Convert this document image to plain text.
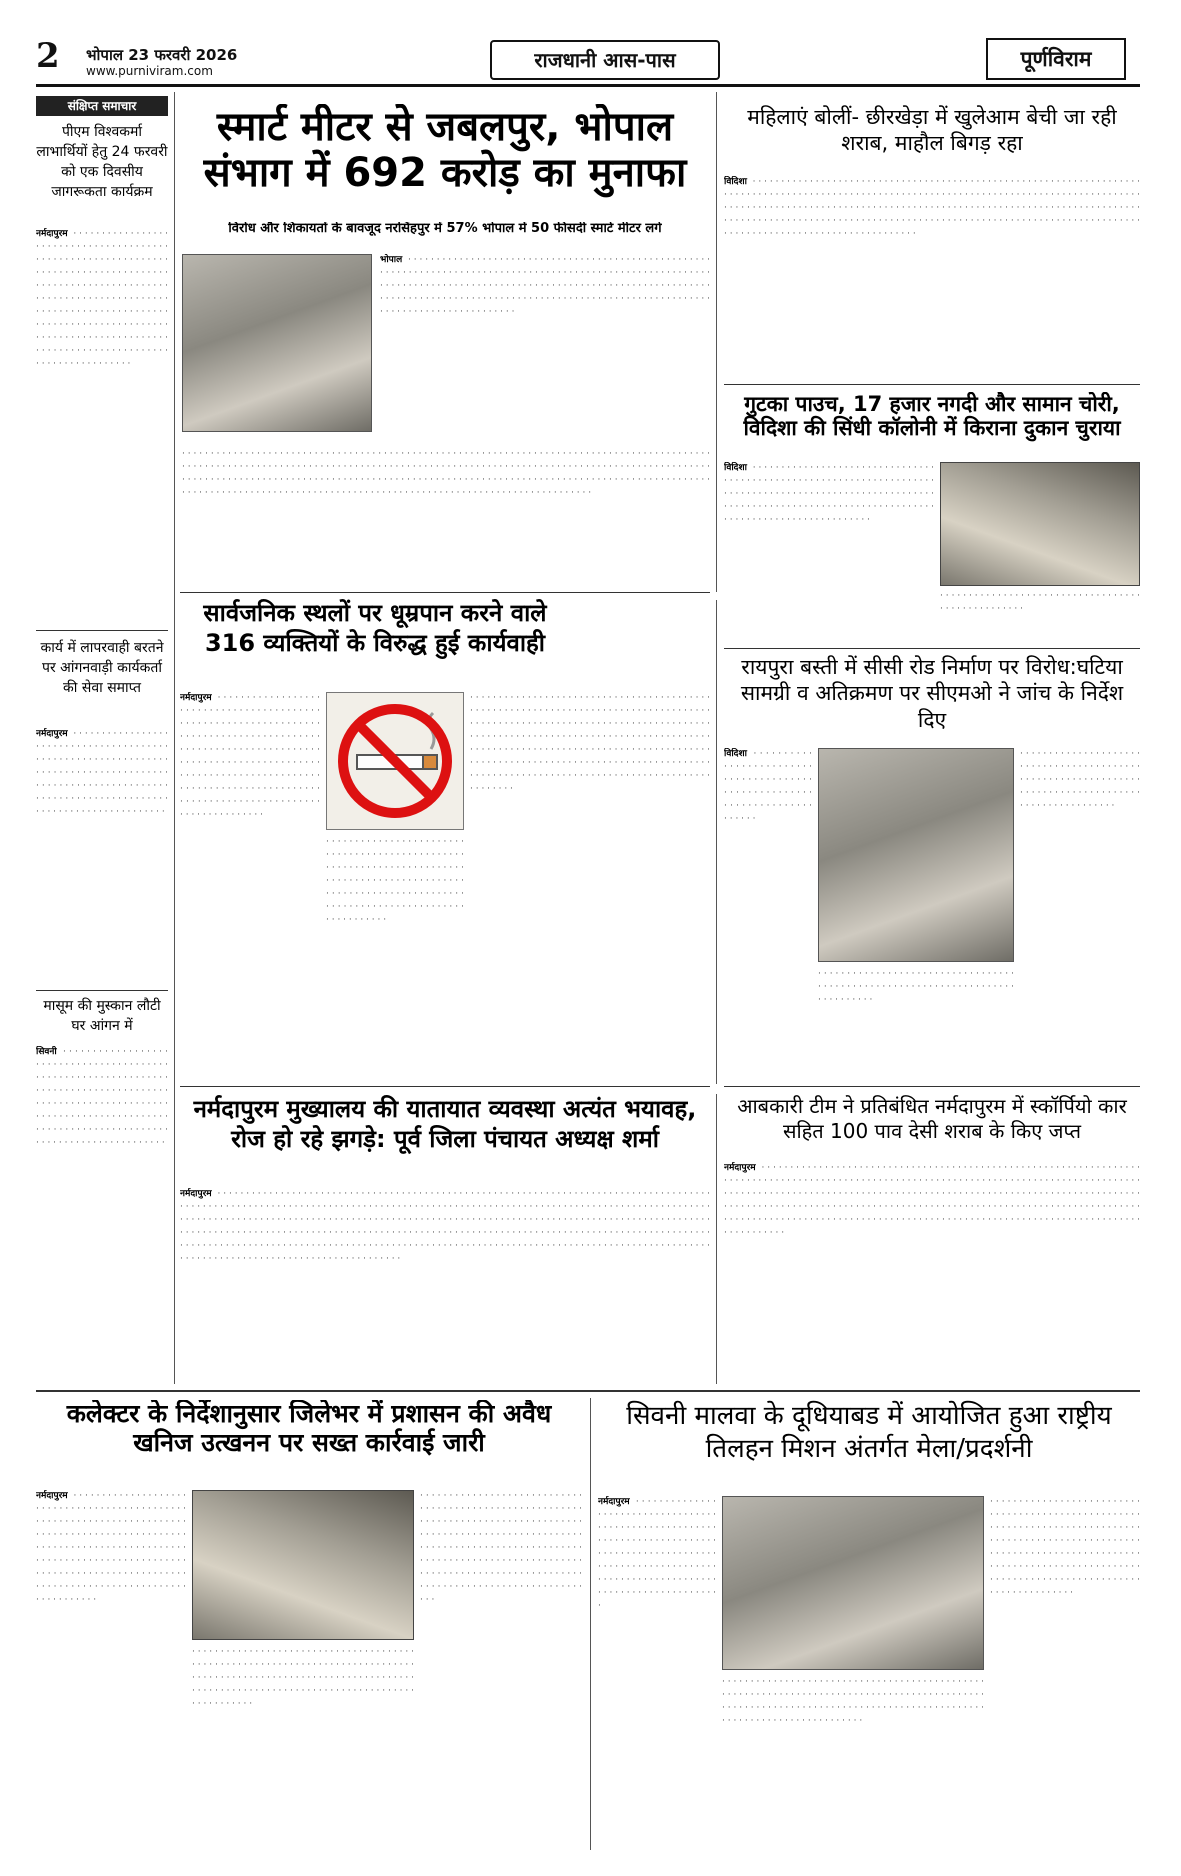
2	भोपाल 23 फरवरी 2026
www.purniviram.com	राजधानी आस-पास	पूर्णविराम
संक्षिप्त समाचार
पीएम विश्वकर्मा लाभार्थियों हेतु 24 फरवरी को एक दिवसीय जागरूकता कार्यक्रम
नर्मदापुरम  · · · · · · · · · · · · · · · · · · · · · · · · · · · · · · · · · · · · · · · · · · · · · · · · · · · · · · · · · · · · · · · · · · · · · · · · · · · · · · · · · · · · · · · · · · · · · · · · · · · · · · · · · · · · · · · · · · · · · · · · · · · · · · · · · · · · · · · · · · · · · · · · · · · · · · · · · · · · · · · · · · · · · · · · · · · · · · · · · · · · · · · · · · · · · · · · · · · · · · · · · · · · · · · · · · · · · · · · · · · · · · · · · · · · · · · · · · · · · · · · ·
कार्य में लापरवाही बरतने पर आंगनवाड़ी कार्यकर्ता की सेवा समाप्त
नर्मदापुरम  · · · · · · · · · · · · · · · · · · · · · · · · · · · · · · · · · · · · · · · · · · · · · · · · · · · · · · · · · · · · · · · · · · · · · · · · · · · · · · · · · · · · · · · · · · · · · · · · · · · · · · · · · · · · · · · · · · · · · · · · · · · · · · · · · · · · · · · · · · · · · · · · · · · · · · · · · · ·
मासूम की मुस्कान लौटी घर आंगन में
सिवनी  · · · · · · · · · · · · · · · · · · · · · · · · · · · · · · · · · · · · · · · · · · · · · · · · · · · · · · · · · · · · · · · · · · · · · · · · · · · · · · · · · · · · · · · · · · · · · · · · · · · · · · · · · · · · · · · · · · · · · · · · · · · · · · · · · · · · · · · · · · · · · · · · · · · · · · · · · · · · · · · · · · · · · · · · · · · · · · · · · · ·
स्मार्ट मीटर से जबलपुर, भोपाल संभाग में 692 करोड़ का मुनाफा
विरोध और शिकायतों के बावजूद नरसिंहपुर में 57% भोपाल में 50 फीसदी स्मार्ट मीटर लगे
भोपाल  · · · · · · · · · · · · · · · · · · · · · · · · · · · · · · · · · · · · · · · · · · · · · · · · · · · · · · · · · · · · · · · · · · · · · · · · · · · · · · · · · · · · · · · · · · · · · · · · · · · · · · · · · · · · · · · · · · · · · · · · · · · · · · · · · · · · · · · · · · · · · · · · · · · · · · · · · · · · · · · · · · · · · · · · · · · · · · · · · · · · · · · · · · · · · · · · · · · · · · · · · · · · · · · · · · · · · · · · · · · · · · · · · · · · · · · · · · · · · · · · · · · · · · · · · · ·
· · · · · · · · · · · · · · · · · · · · · · · · · · · · · · · · · · · · · · · · · · · · · · · · · · · · · · · · · · · · · · · · · · · · · · · · · · · · · · · · · · · · · · · · · · · · · · · · · · · · · · · · · · · · · · · · · · · · · · · · · · · · · · · · · · · · · · · · · · · · · · · · · · · · · · · · · · · · · · · · · · · · · · · · · · · · · · · · · · · · · · · · · · · · · · · · · · · · · · · · · · · · · · · · · · · · · · · · · · · · · · · · · · · · · · · · · · · · · · · · · · · · · · · · · · · · · · · · · · · · · · · · · · · · · · · · · · · · · · · · · · · · · · · · · · · · · · · · · · · · · · · · · · · · · · · · · · · · · · · · · · · · · · · · · · · · · · · · · · · · · · · · · · · ·
महिलाएं बोलीं- छीरखेड़ा में खुलेआम बेची जा रही शराब, माहौल बिगड़ रहा
विदिशा  · · · · · · · · · · · · · · · · · · · · · · · · · · · · · · · · · · · · · · · · · · · · · · · · · · · · · · · · · · · · · · · · · · · · · · · · · · · · · · · · · · · · · · · · · · · · · · · · · · · · · · · · · · · · · · · · · · · · · · · · · · · · · · · · · · · · · · · · · · · · · · · · · · · · · · · · · · · · · · · · · · · · · · · · · · · · · · · · · · · · · · · · · · · · · · · · · · · · · · · · · · · · · · · · · · · · · · · · · · · · · · · · · · · · · · · · · · · · · · · · · · · · · · · · · · · · · · · · · · · · · · · · · · · · · · · · · · · · · · · · · · · · · · · · · · · · · · · · · · · · · · · · · · · · · · · · · · · · · · · · ·
गुटका पाउच, 17 हजार नगदी और सामान चोरी, विदिशा की सिंधी कॉलोनी में किराना दुकान चुराया
विदिशा  · · · · · · · · · · · · · · · · · · · · · · · · · · · · · · · · · · · · · · · · · · · · · · · · · · · · · · · · · · · · · · · · · · · · · · · · · · · · · · · · · · · · · · · · · · · · · · · · · · · · · · · · · · · · · · · · · · · · · · · · · · · · · · · · · · · · · · · · · · · · · · · · · · · · · · · · · · · · · · · · · · · · · · · · ·
· · · · · · · · · · · · · · · · · · · · · · · · · · · · · · · · · · · · · · · · · · · · · · · · · ·
सार्वजनिक स्थलों पर धूम्रपान करने वाले 316 व्यक्तियों के विरुद्ध हुई कार्यवाही
नर्मदापुरम  · · · · · · · · · · · · · · · · · · · · · · · · · · · · · · · · · · · · · · · · · · · · · · · · · · · · · · · · · · · · · · · · · · · · · · · · · · · · · · · · · · · · · · · · · · · · · · · · · · · · · · · · · · · · · · · · · · · · · · · · · · · · · · · · · · · · · · · · · · · · · · · · · · · · · · · · · · · · · · · · · · · · · · · · · · · · · · · · · · · · · · · · · · · · · · · · · · · · · · · · · · · · · · · · · · · · · · · · · · · · · · · · ·
· · · · · · · · · · · · · · · · · · · · · · · · · · · · · · · · · · · · · · · · · · · · · · · · · · · · · · · · · · · · · · · · · · · · · · · · · · · · · · · · · · · · · · · · · · · · · · · · · · · · · · · · · · · · · · · · · · · · · · · · · · · · · · · · · · · · · · · · · · · · · · · · · · · · · · · · · · ·
· · · · · · · · · · · · · · · · · · · · · · · · · · · · · · · · · · · · · · · · · · · · · · · · · · · · · · · · · · · · · · · · · · · · · · · · · · · · · · · · · · · · · · · · · · · · · · · · · · · · · · · · · · · · · · · · · · · · · · · · · · · · · · · · · · · · · · · · · · · · · · · · · · · · · · · · · · · · · · · · · · · · · · · · · · · · · · · · · · · · · · · · · · · · · · · · · · · · · · · · · · · · · · · · · · · · · · · · · · · · · · · · · · · · · · · · · · · · · · · · · · · · · · · · · · · · · · · · · · · · · · · · · · · · · · · · · · · · · · · · · · · · · · · · · · · · · · · · · · · · · ·
रायपुरा बस्ती में सीसी रोड निर्माण पर विरोध:घटिया सामग्री व अतिक्रमण पर सीएमओ ने जांच के निर्देश दिए
विदिशा  · · · · · · · · · · · · · · · · · · · · · · · · · · · · · · · · · · · · · · · · · · · · · · · · · · · · · · · · · · · · · · · · · · · · · · · · · · · ·
· · · · · · · · · · · · · · · · · · · · · · · · · · · · · · · · · · · · · · · · · · · · · · · · · · · · · · · · · · · · · · · · · · · · · · · · · · · · · ·
· · · · · · · · · · · · · · · · · · · · · · · · · · · · · · · · · · · · · · · · · · · · · · · · · · · · · · · · · · · · · · · · · · · · · · · · · · · · · · · · · · · · · · · · · · · · · · · · · · · · ·
नर्मदापुरम मुख्यालय की यातायात व्यवस्था अत्यंत भयावह, रोज हो रहे झगड़े: पूर्व जिला पंचायत अध्यक्ष शर्मा
नर्मदापुरम  · · · · · · · · · · · · · · · · · · · · · · · · · · · · · · · · · · · · · · · · · · · · · · · · · · · · · · · · · · · · · · · · · · · · · · · · · · · · · · · · · · · · · · · · · · · · · · · · · · · · · · · · · · · · · · · · · · · · · · · · · · · · · · · · · · · · · · · · · · · · · · · · · · · · · · · · · · · · · · · · · · · · · · · · · · · · · · · · · · · · · · · · · · · · · · · · · · · · · · · · · · · · · · · · · · · · · · · · · · · · · · · · · · · · · · · · · · · · · · · · · · · · · · · · · · · · · · · · · · · · · · · · · · · · · · · · · · · · · · · · · · · · · · · · · · · · · · · · · · · · · · · · · · · · · · · · · · · · · · · · · · · · · · · · · · · · · · · · · · · · · · · · · · · · · · · · · · · · · · · · · · · · · · · · · · · · · · · · · · · · · · · · · · · · · · · · · · · · · · · · · · · · · · · · · · · · · · · · · · · · · · · · · · · · · · · · · · · · · · · · · · · · · · · · · · · · · · · · · · · · · · · · · · · · · · · · · · · · · · · · · · · · · · · · · · · · · · · · ·
आबकारी टीम ने प्रतिबंधित नर्मदापुरम में स्कॉर्पियो कार सहित 100 पाव देसी शराब के किए जप्त
नर्मदापुरम  · · · · · · · · · · · · · · · · · · · · · · · · · · · · · · · · · · · · · · · · · · · · · · · · · · · · · · · · · · · · · · · · · · · · · · · · · · · · · · · · · · · · · · · · · · · · · · · · · · · · · · · · · · · · · · · · · · · · · · · · · · · · · · · · · · · · · · · · · · · · · · · · · · · · · · · · · · · · · · · · · · · · · · · · · · · · · · · · · · · · · · · · · · · · · · · · · · · · · · · · · · · · · · · · · · · · · · · · · · · · · · · · · · · · · · · · · · · · · · · · · · · · · · · · · · · · · · · · · · · · · · · · · · · · · · · · · · · · · · · · · · · · · · · · · · · · · · · · · · · · · · · · · · · · · · · · · · · · · · · · · · · · · · · · · · · · · · · · · · · · · · · · · · · · · · · · · · · · · · · · · · · · · · · · ·
कलेक्टर के निर्देशानुसार जिलेभर में प्रशासन की अवैध खनिज उत्खनन पर सख्त कार्रवाई जारी
नर्मदापुरम  · · · · · · · · · · · · · · · · · · · · · · · · · · · · · · · · · · · · · · · · · · · · · · · · · · · · · · · · · · · · · · · · · · · · · · · · · · · · · · · · · · · · · · · · · · · · · · · · · · · · · · · · · · · · · · · · · · · · · · · · · · · · · · · · · · · · · · · · · · · · · · · · · · · · · · · · · · · · · · · · · · · · · · · · · · · · · · · · · · · · · · · · · · · · · · · · · · · · · · · · · · · · · · · · · · · · ·
· · · · · · · · · · · · · · · · · · · · · · · · · · · · · · · · · · · · · · · · · · · · · · · · · · · · · · · · · · · · · · · · · · · · · · · · · · · · · · · · · · · · · · · · · · · · · · · · · · · · · · · · · · · · · · · · · · · · · · · · · · · · · · · · · · · · · · · · · · · · · · · · · · · · · · · · · · · · · · · · · · · · · · ·
· · · · · · · · · · · · · · · · · · · · · · · · · · · · · · · · · · · · · · · · · · · · · · · · · · · · · · · · · · · · · · · · · · · · · · · · · · · · · · · · · · · · · · · · · · · · · · · · · · · · · · · · · · · · · · · · · · · · · · · · · · · · · · · · · · · · · · · · · · · · · · · · · · · · · · · · · · · · · · · · · · · · · · · · · · · · · · · · · · · · · · · · · · · · · · · · · · · · · · · · · · · · · · · · · · · · · · · · · · · · · · · · · · ·
सिवनी मालवा के दूधियाबड में आयोजित हुआ राष्ट्रीय तिलहन मिशन अंतर्गत मेला/प्रदर्शनी
नर्मदापुरम  · · · · · · · · · · · · · · · · · · · · · · · · · · · · · · · · · · · · · · · · · · · · · · · · · · · · · · · · · · · · · · · · · · · · · · · · · · · · · · · · · · · · · · · · · · · · · · · · · · · · · · · · · · · · · · · · · · · · · · · · · · · · · · · · · · · · · · · · · · · · · · · · · · · · · · · · · · · · · · · · · ·
· · · · · · · · · · · · · · · · · · · · · · · · · · · · · · · · · · · · · · · · · · · · · · · · · · · · · · · · · · · · · · · · · · · · · · · · · · · · · · · · · · · · · · · · · · · · · · · · · · · · · · · · · · · · · · · · · · · · · · · · · · · · · · · · · · · · · · · · · · · · · · · · · · · · · · · · · · · · · · · · · · ·
· · · · · · · · · · · · · · · · · · · · · · · · · · · · · · · · · · · · · · · · · · · · · · · · · · · · · · · · · · · · · · · · · · · · · · · · · · · · · · · · · · · · · · · · · · · · · · · · · · · · · · · · · · · · · · · · · · · · · · · · · · · · · · · · · · · · · · · · · · · · · · · · · · · · · · · · · · · · · · · · · · · · · · · · · · · · · · · · · · · · · · · · · · · · · · · · · · · · ·
